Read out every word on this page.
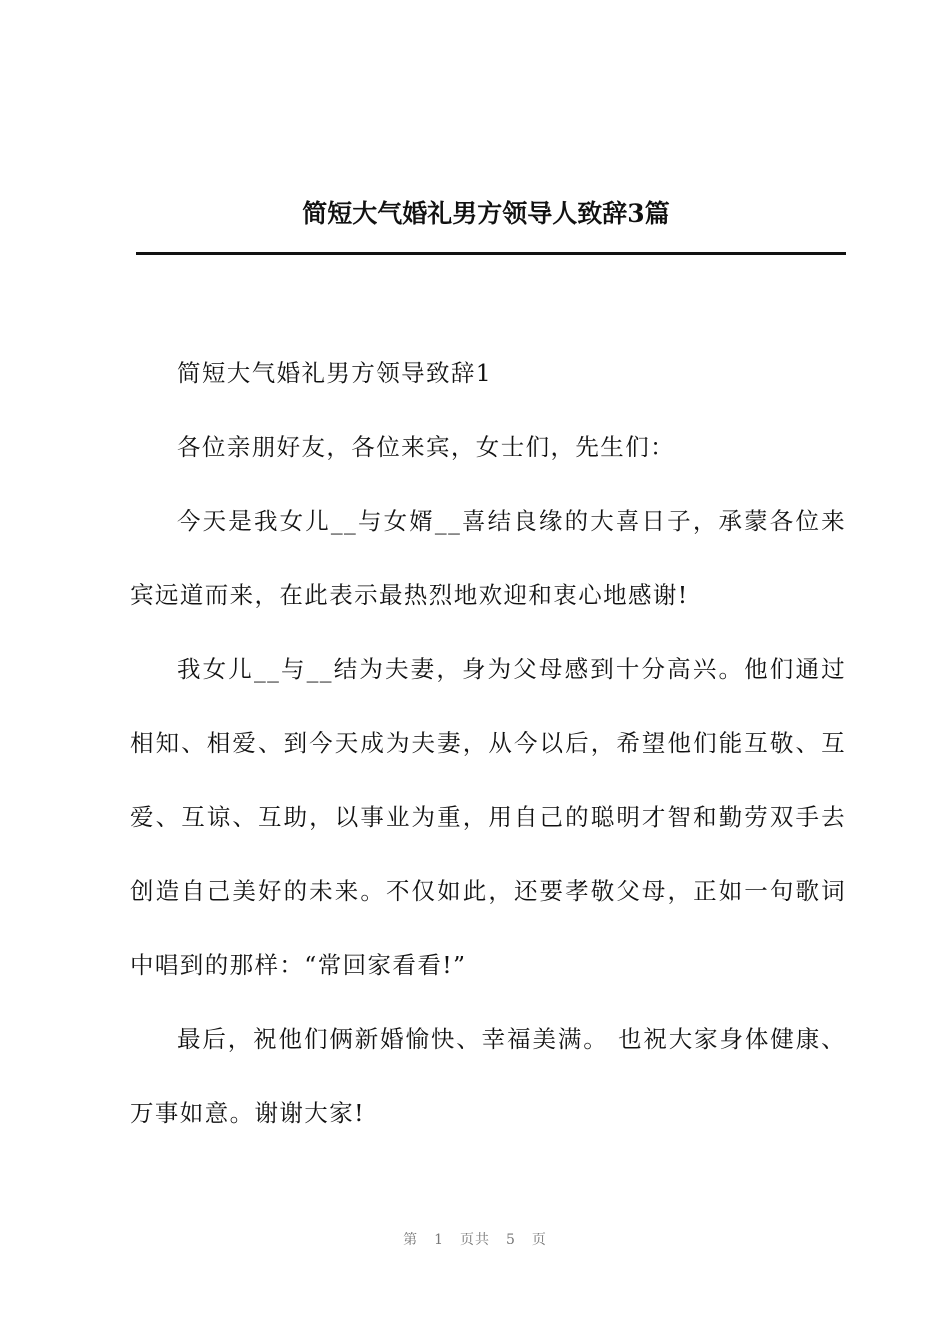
简短大气婚礼男方领导人致辞3篇

简短大气婚礼男方领导致辞1

各位亲朋好友，各位来宾，女士们，先生们：

今天是我女儿__与女婿__喜结良缘的大喜日子，承蒙各位来宾远道而来，在此表示最热烈地欢迎和衷心地感谢!

我女儿__与__结为夫妻，身为父母感到十分高兴。他们通过相知、相爱、到今天成为夫妻，从今以后，希望他们能互敬、互爱、互谅、互助，以事业为重，用自己的聪明才智和勤劳双手去创造自己美好的未来。不仅如此，还要孝敬父母，正如一句歌词中唱到的那样：“常回家看看!”

最后，祝他们俩新婚愉快、幸福美满。 也祝大家身体健康、万事如意。谢谢大家!

第 1 页共 5 页
